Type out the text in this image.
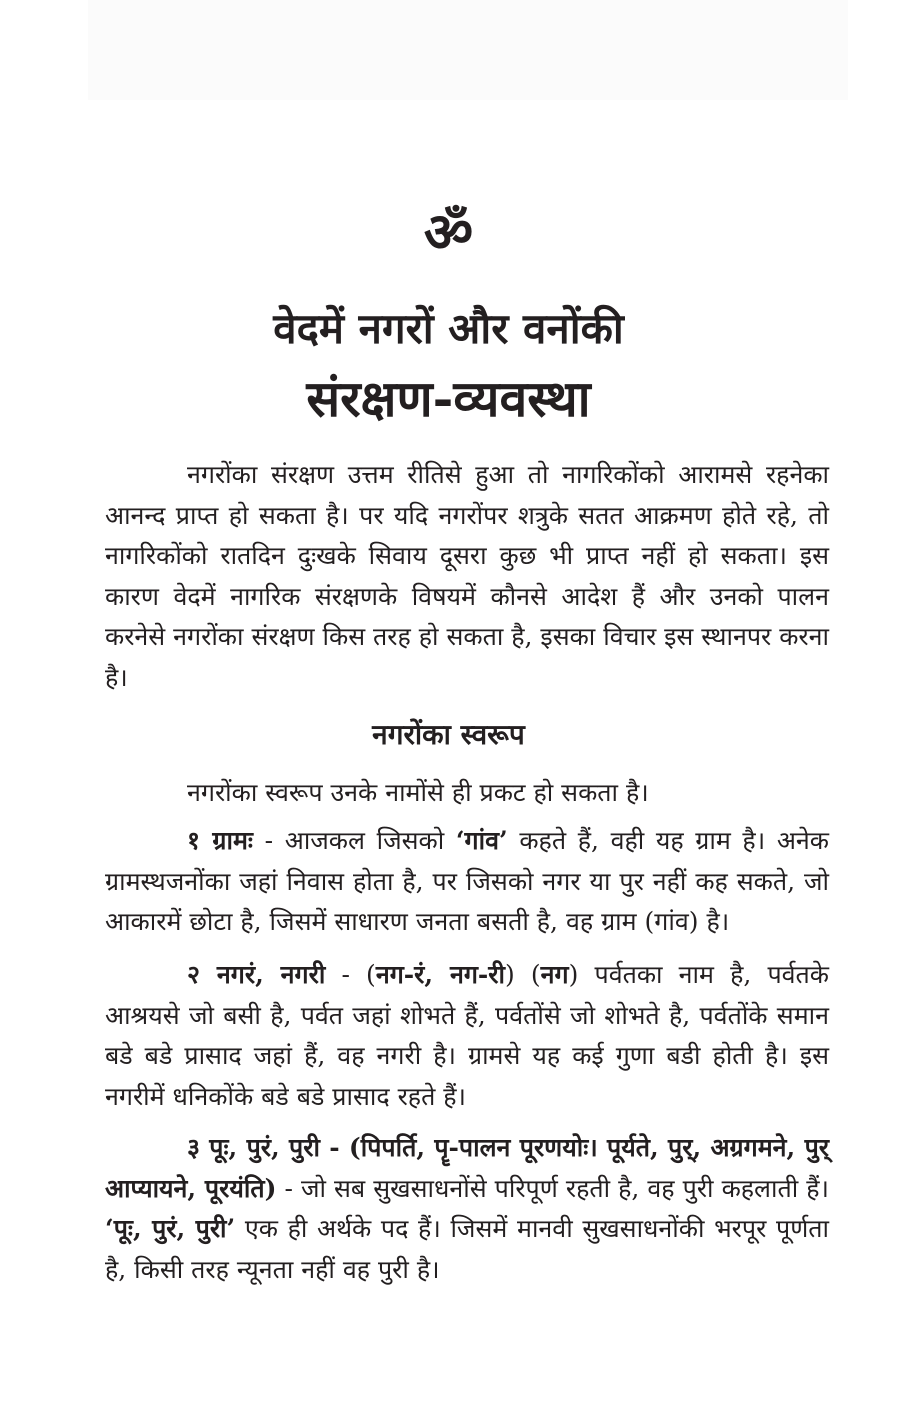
ॐ
वेदमें नगरों और वनोंकी
संरक्षण-व्यवस्था

नगरोंका संरक्षण उत्तम रीतिसे हुआ तो नागरिकोंको आरामसे रहनेका आनन्द प्राप्त हो सकता है। पर यदि नगरोंपर शत्रुके सतत आक्रमण होते रहे, तो नागरिकोंको रातदिन दुःखके सिवाय दूसरा कुछ भी प्राप्त नहीं हो सकता। इस कारण वेदमें नागरिक संरक्षणके विषयमें कौनसे आदेश हैं और उनको पालन करनेसे नगरोंका संरक्षण किस तरह हो सकता है, इसका विचार इस स्थानपर करना है।

नगरोंका स्वरूप

नगरोंका स्वरूप उनके नामोंसे ही प्रकट हो सकता है।

१ ग्रामः - आजकल जिसको ‘गांव’ कहते हैं, वही यह ग्राम है। अनेक ग्रामस्थजनोंका जहां निवास होता है, पर जिसको नगर या पुर नहीं कह सकते, जो आकारमें छोटा है, जिसमें साधारण जनता बसती है, वह ग्राम (गांव) है।

२ नगरं, नगरी - (नग-रं, नग-री) (नग) पर्वतका नाम है, पर्वतके आश्रयसे जो बसी है, पर्वत जहां शोभते हैं, पर्वतोंसे जो शोभते है, पर्वतोंके समान बडे बडे प्रासाद जहां हैं, वह नगरी है। ग्रामसे यह कई गुणा बडी होती है। इस नगरीमें धनिकोंके बडे बडे प्रासाद रहते हैं।

३ पूः, पुरं, पुरी - (पिपर्ति, पॄ-पालन पूरणयोः। पूर्यते, पुर्, अग्रगमने, पुर् आप्यायने, पूरयंति) - जो सब सुखसाधनोंसे परिपूर्ण रहती है, वह पुरी कहलाती हैं। ‘पूः, पुरं, पुरी’ एक ही अर्थके पद हैं। जिसमें मानवी सुखसाधनोंकी भरपूर पूर्णता है, किसी तरह न्यूनता नहीं वह पुरी है।
